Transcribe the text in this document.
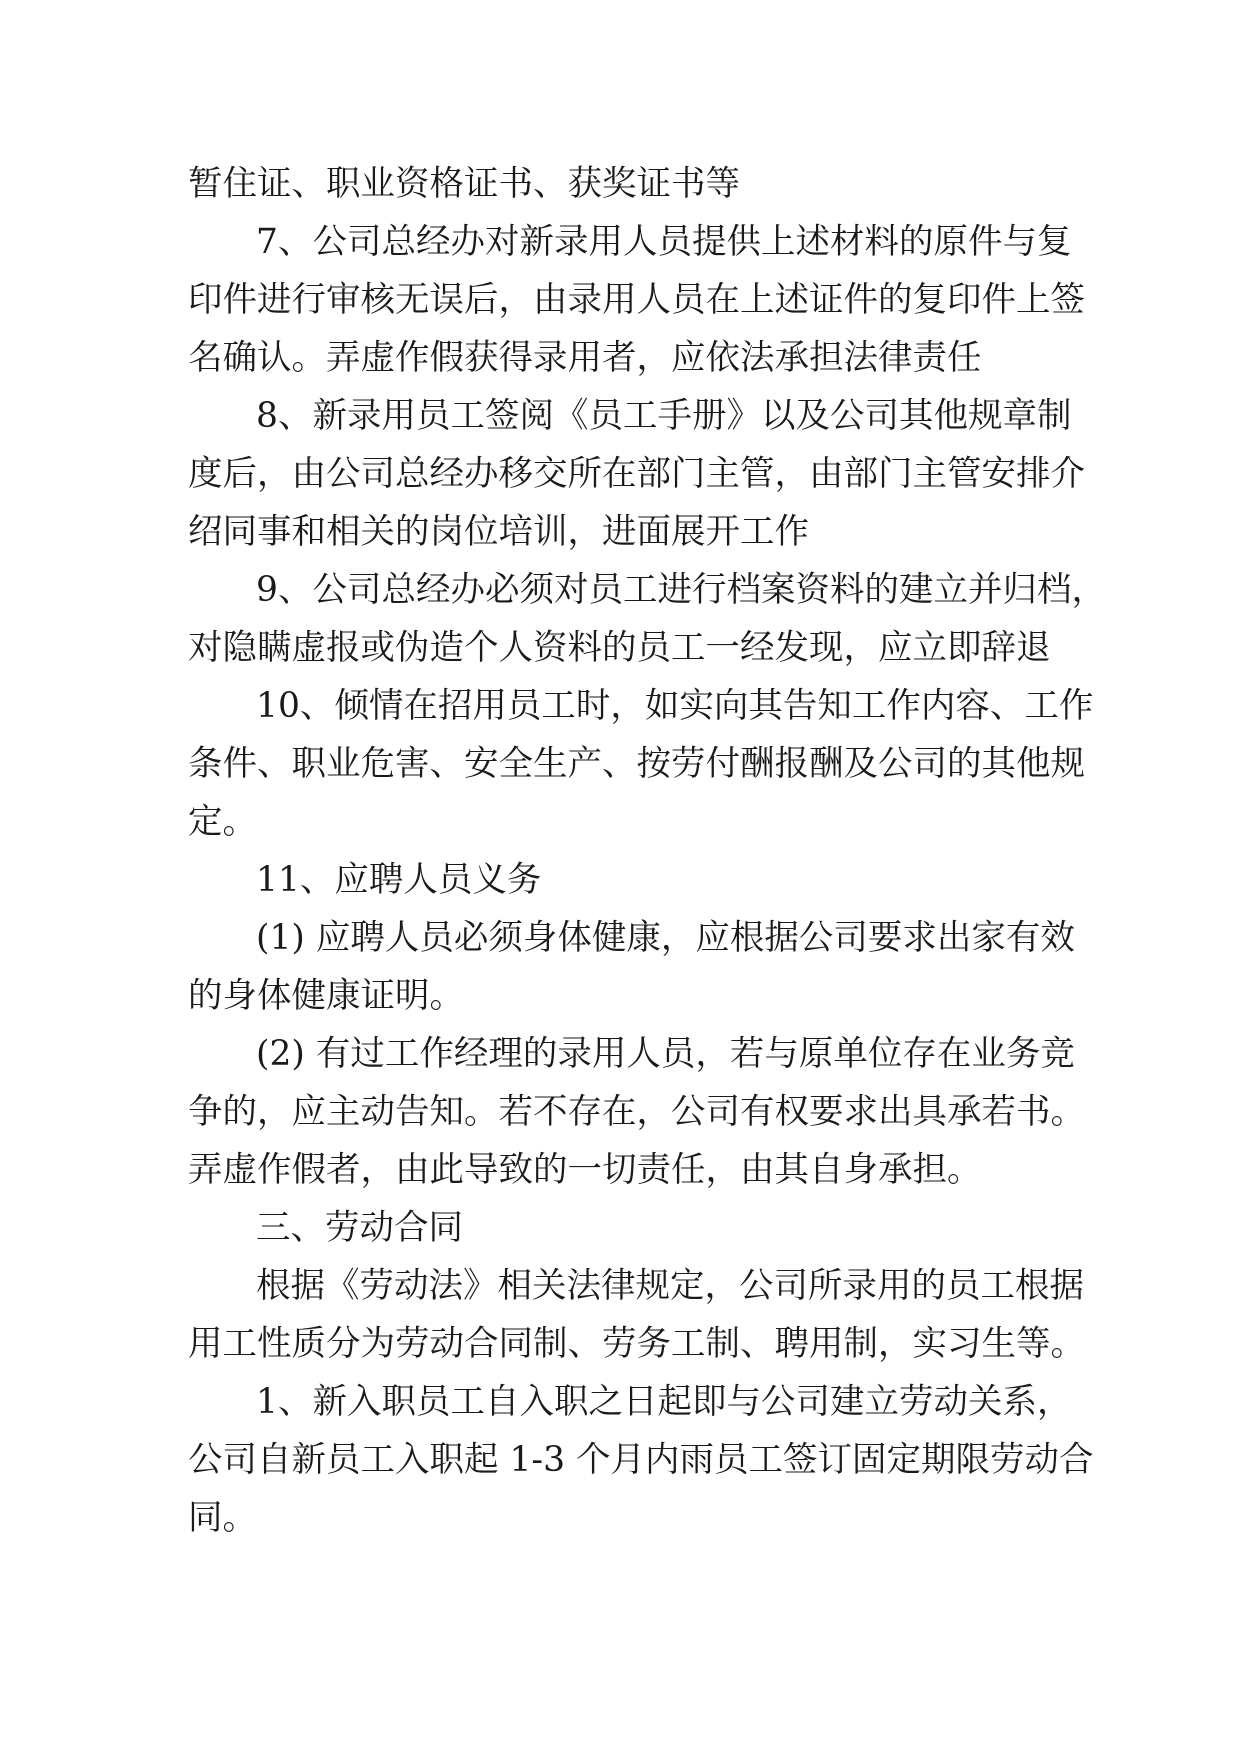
暂住证、职业资格证书、获奖证书等
7、公司总经办对新录用人员提供上述材料的原件与复
印件进行审核无误后，由录用人员在上述证件的复印件上签
名确认。弄虚作假获得录用者，应依法承担法律责任
8、新录用员工签阅《员工手册》以及公司其他规章制
度后，由公司总经办移交所在部门主管，由部门主管安排介
绍同事和相关的岗位培训，进面展开工作
9、公司总经办必须对员工进行档案资料的建立并归档，
对隐瞒虚报或伪造个人资料的员工一经发现，应立即辞退
10、倾情在招用员工时，如实向其告知工作内容、工作
条件、职业危害、安全生产、按劳付酬报酬及公司的其他规
定。
11、应聘人员义务
(1) 应聘人员必须身体健康，应根据公司要求出家有效
的身体健康证明。
(2) 有过工作经理的录用人员，若与原单位存在业务竞
争的，应主动告知。若不存在，公司有权要求出具承若书。
弄虚作假者，由此导致的一切责任，由其自身承担。
三、劳动合同
根据《劳动法》相关法律规定，公司所录用的员工根据
用工性质分为劳动合同制、劳务工制、聘用制，实习生等。
1、新入职员工自入职之日起即与公司建立劳动关系，
公司自新员工入职起 1-3 个月内雨员工签订固定期限劳动合
同。
